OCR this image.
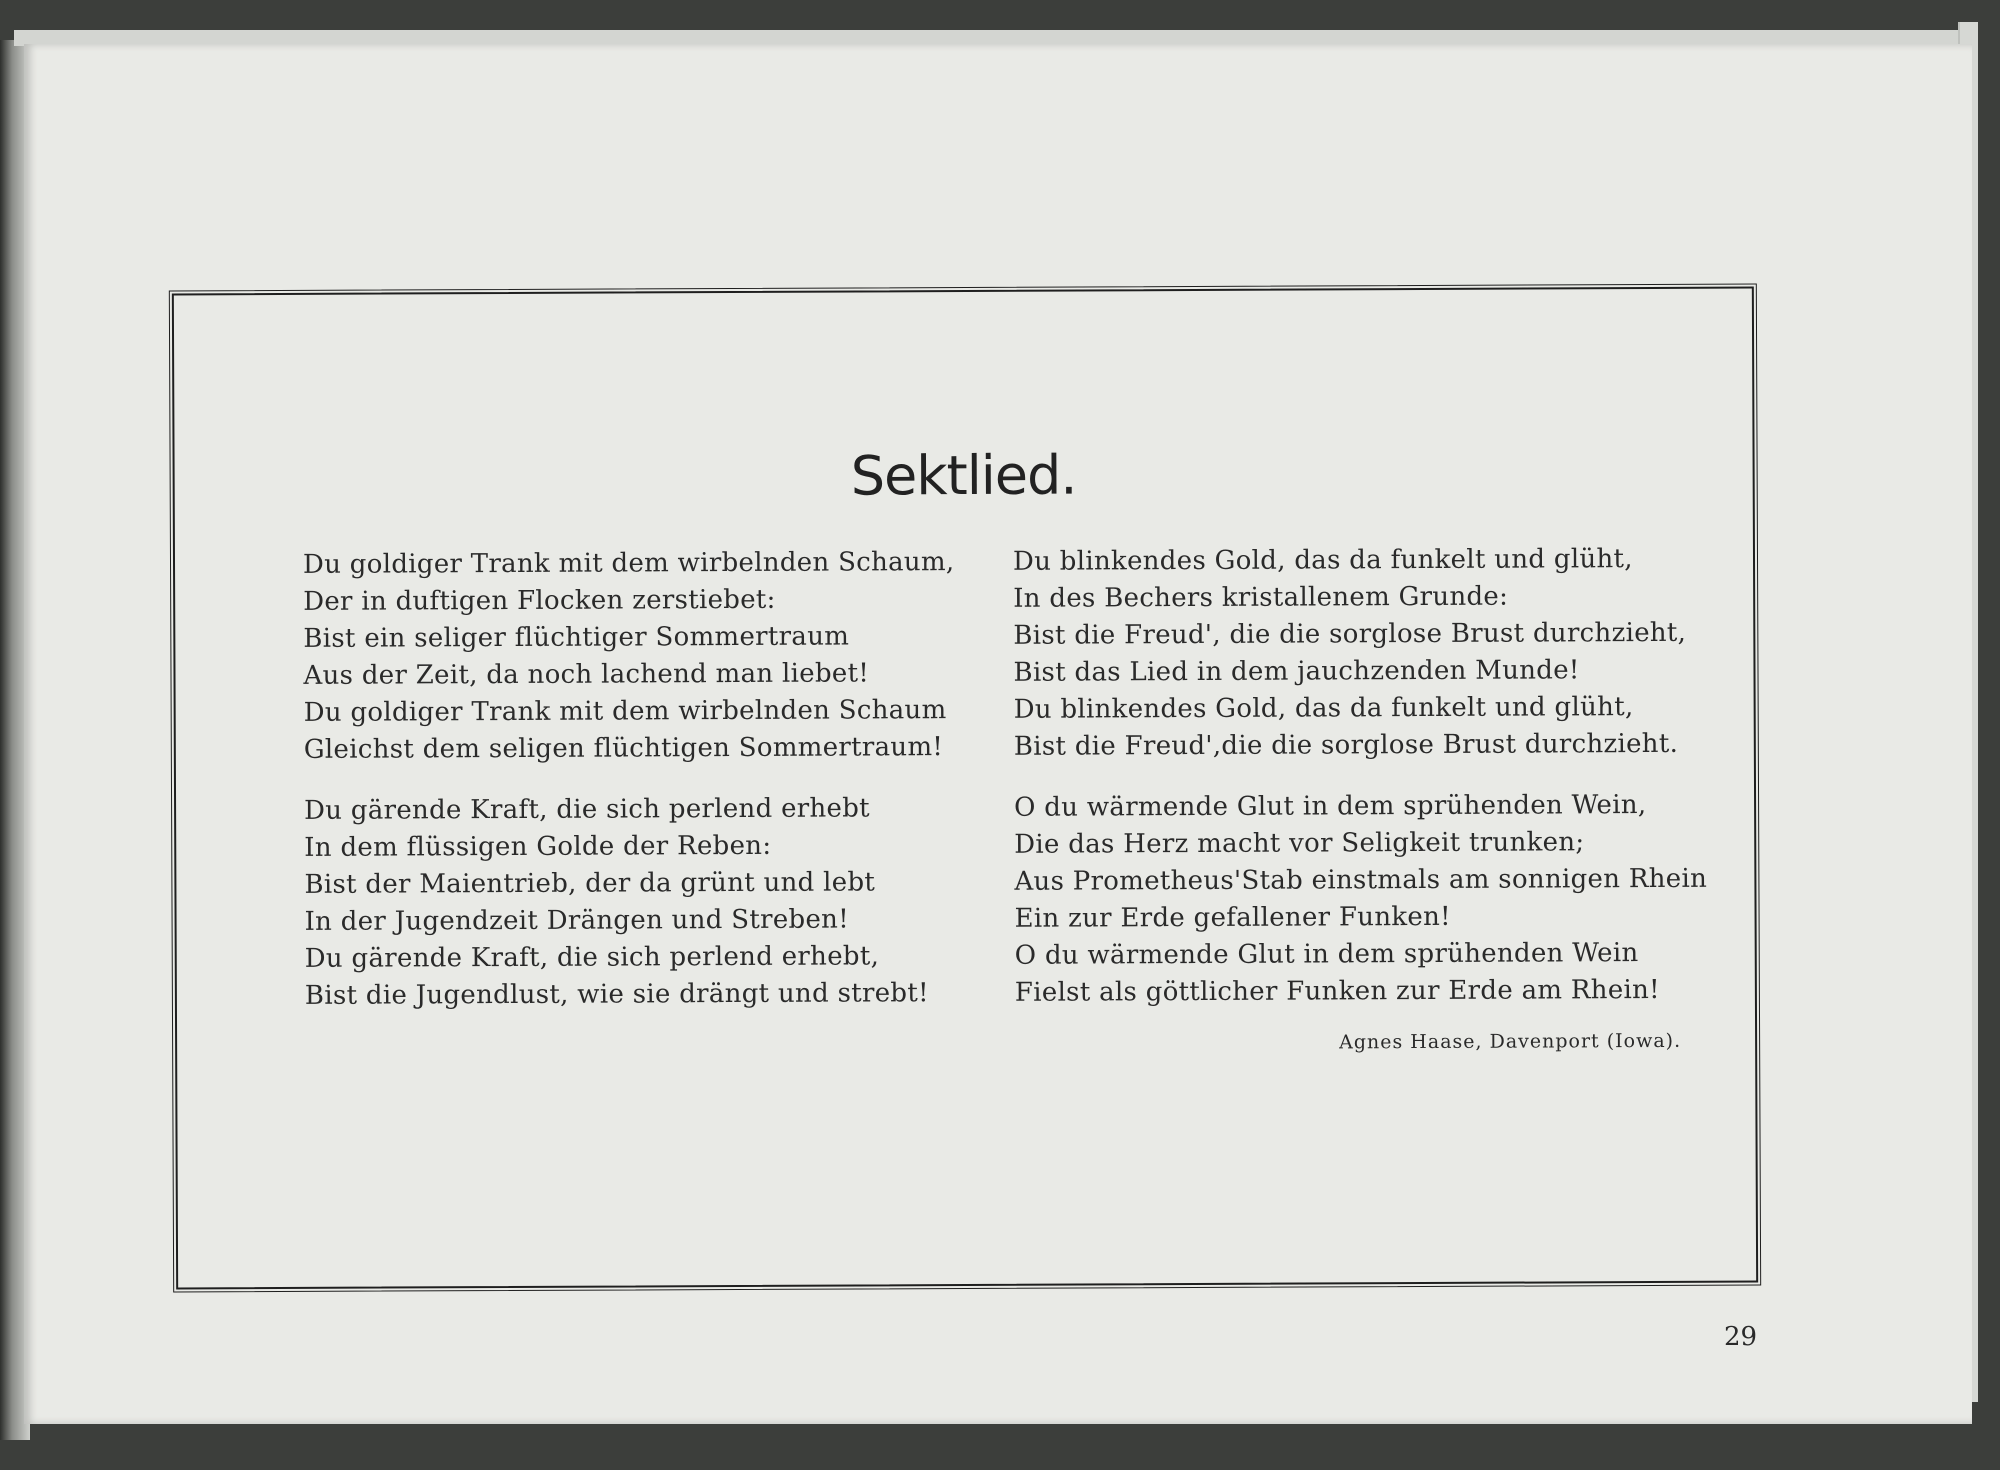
Sektlied.
Du goldiger Trank mit dem wirbelnden Schaum,
Der in duftigen Flocken zerstiebet:
Bist ein seliger flüchtiger Sommertraum
Aus der Zeit, da noch lachend man liebet!
Du goldiger Trank mit dem wirbelnden Schaum
Gleichst dem seligen flüchtigen Sommertraum!
Du gärende Kraft, die sich perlend erhebt
In dem flüssigen Golde der Reben:
Bist der Maientrieb, der da grünt und lebt
In der Jugendzeit Drängen und Streben!
Du gärende Kraft, die sich perlend erhebt,
Bist die Jugendlust, wie sie drängt und strebt!
Du blinkendes Gold, das da funkelt und glüht,
In des Bechers kristallenem Grunde:
Bist die Freud', die die sorglose Brust durchzieht,
Bist das Lied in dem jauchzenden Munde!
Du blinkendes Gold, das da funkelt und glüht,
Bist die Freud',die die sorglose Brust durchzieht.
O du wärmende Glut in dem sprühenden Wein,
Die das Herz macht vor Seligkeit trunken;
Aus Prometheus'Stab einstmals am sonnigen Rhein
Ein zur Erde gefallener Funken!
O du wärmende Glut in dem sprühenden Wein
Fielst als göttlicher Funken zur Erde am Rhein!
Agnes Haase, Davenport (Iowa).
29
